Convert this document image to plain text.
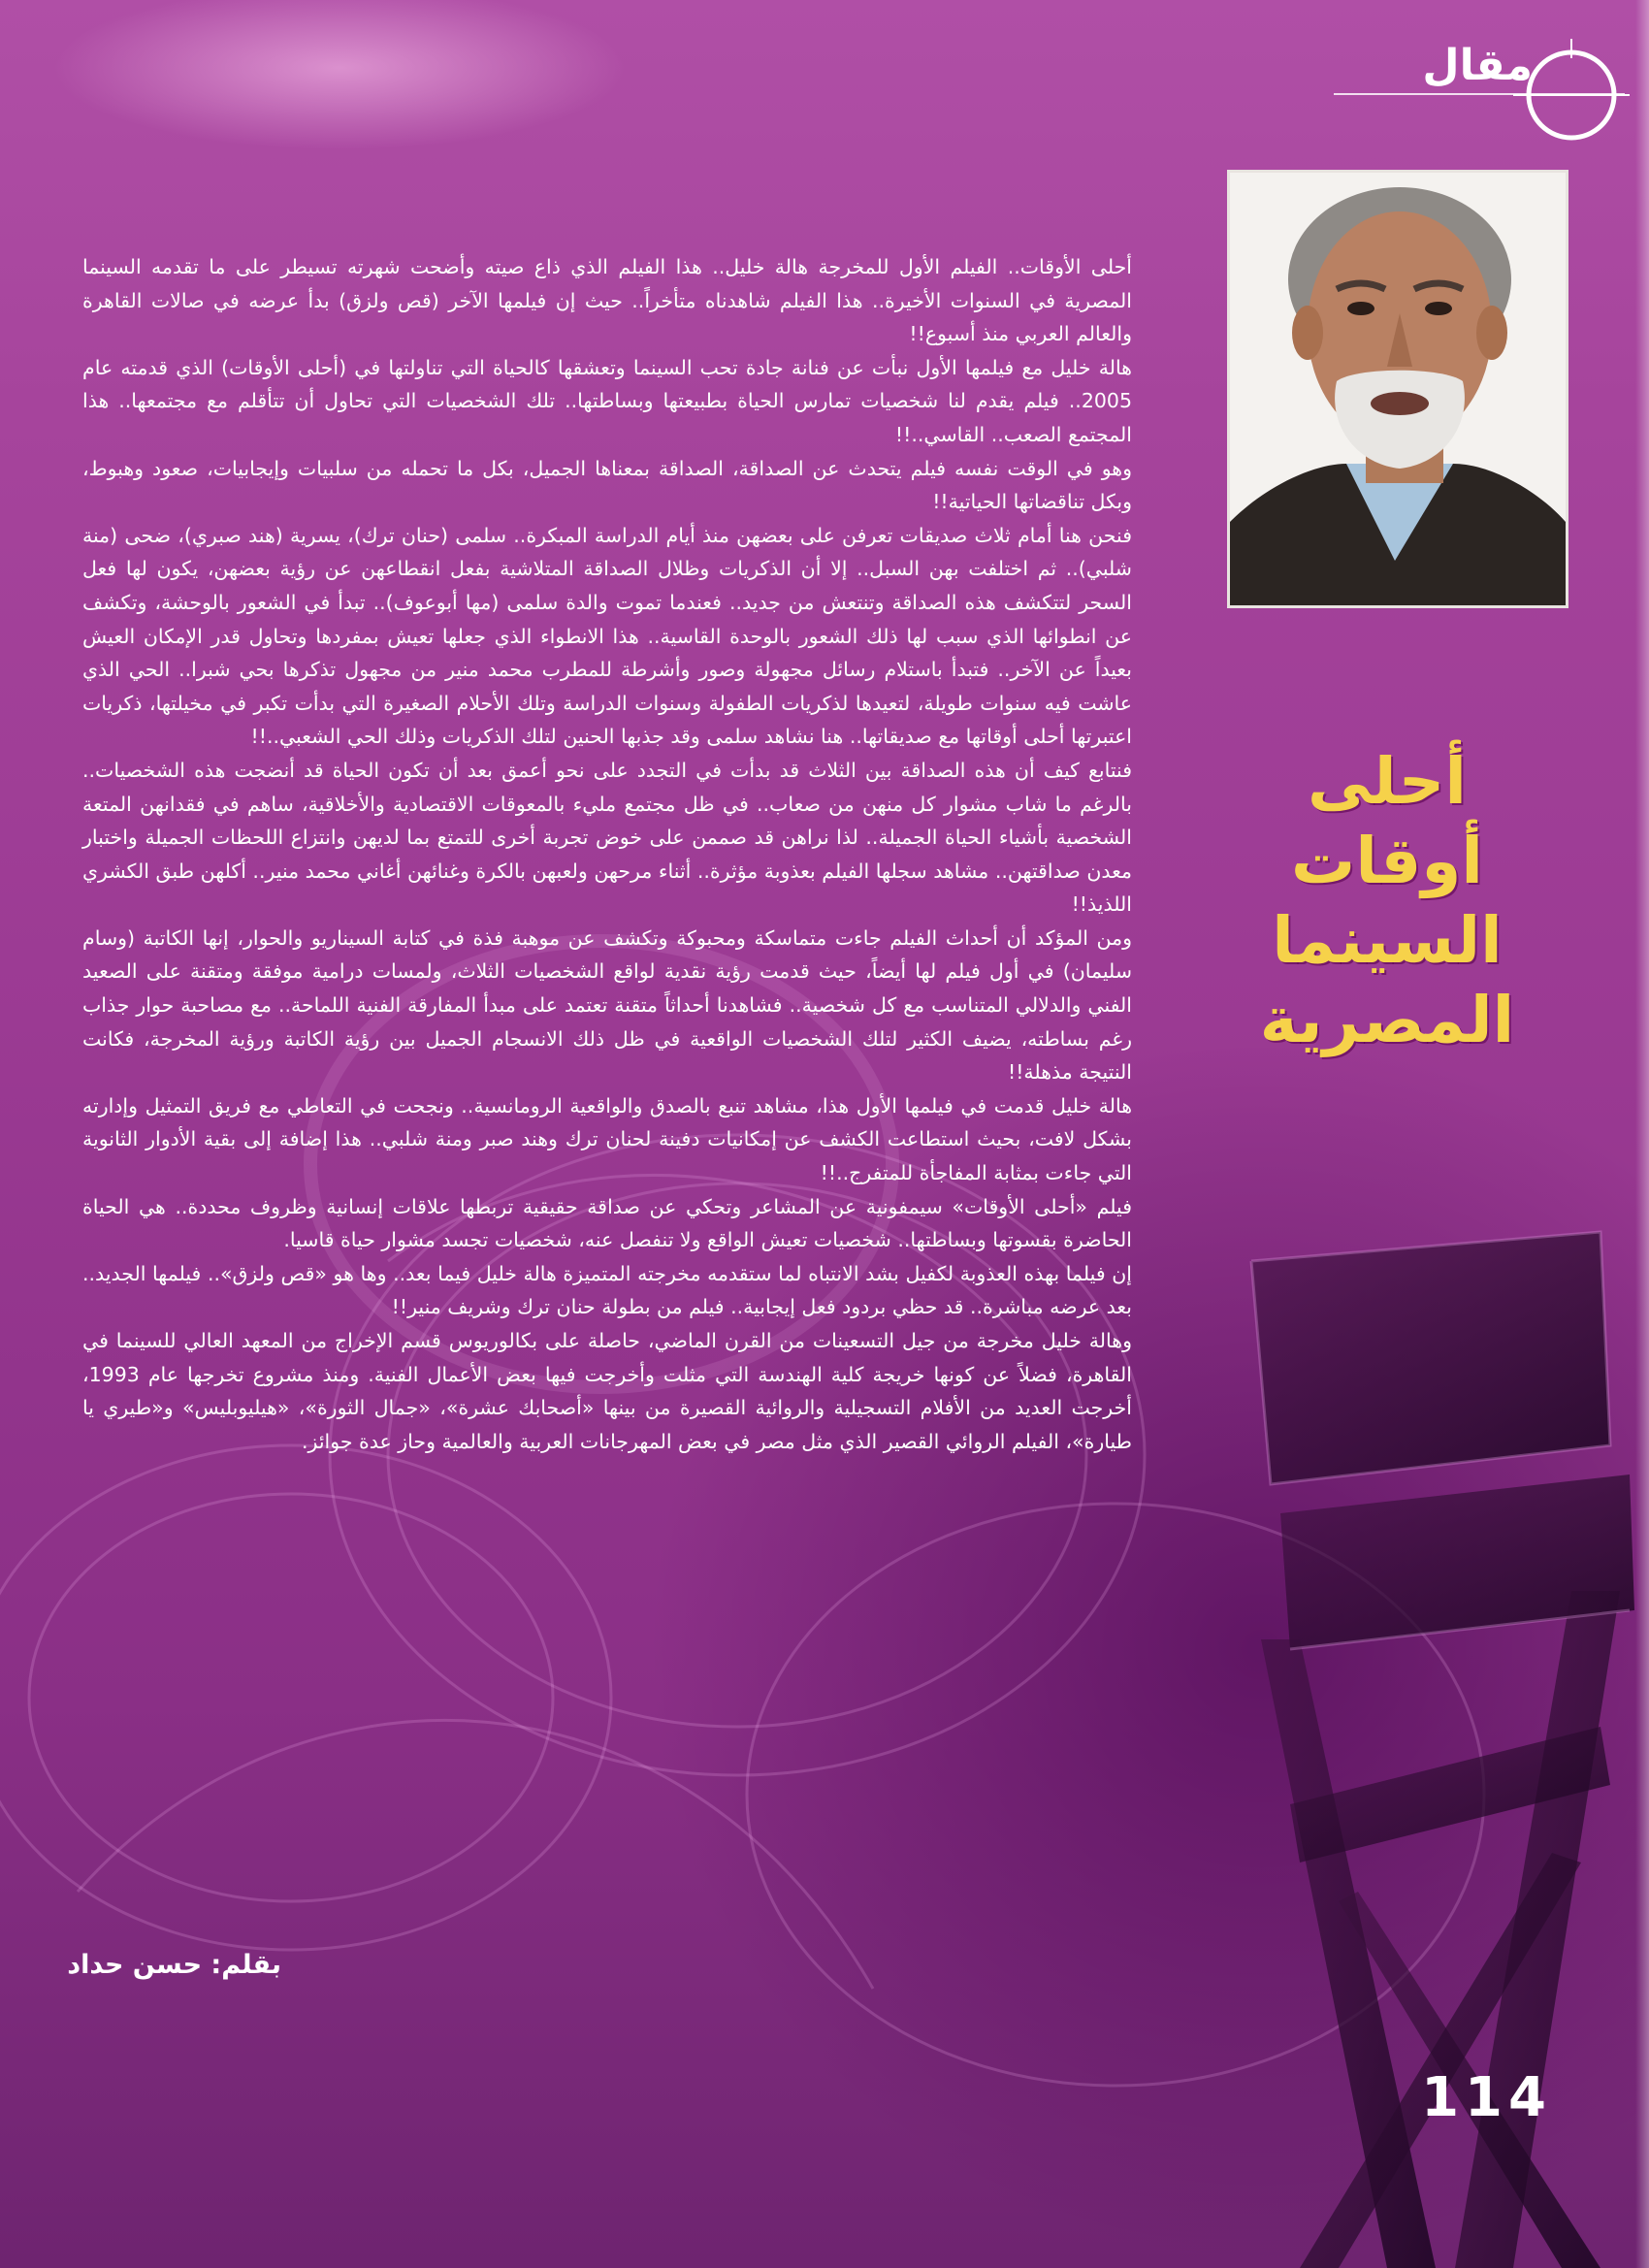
مقال
أحلى أوقات
السينما
المصرية

أحلى الأوقات.. الفيلم الأول للمخرجة هالة خليل.. هذا الفيلم الذي ذاع صيته وأضحت شهرته تسيطر على ما تقدمه السينما المصرية في السنوات الأخيرة.. هذا الفيلم شاهدناه متأخراً.. حيث إن فيلمها الآخر (قص ولزق) بدأ عرضه في صالات القاهرة والعالم العربي منذ أسبوع!!

هالة خليل مع فيلمها الأول نبأت عن فنانة جادة تحب السينما وتعشقها كالحياة التي تناولتها في (أحلى الأوقات) الذي قدمته عام 2005.. فيلم يقدم لنا شخصيات تمارس الحياة بطبيعتها وبساطتها.. تلك الشخصيات التي تحاول أن تتأقلم مع مجتمعها.. هذا المجتمع الصعب.. القاسي..!!

وهو في الوقت نفسه فيلم يتحدث عن الصداقة، الصداقة بمعناها الجميل، بكل ما تحمله من سلبيات وإيجابيات، صعود وهبوط، وبكل تناقضاتها الحياتية!!

فنحن هنا أمام ثلاث صديقات تعرفن على بعضهن منذ أيام الدراسة المبكرة.. سلمى (حنان ترك)، يسرية (هند صبري)، ضحى (منة شلبي).. ثم اختلفت بهن السبل.. إلا أن الذكريات وظلال الصداقة المتلاشية بفعل انقطاعهن عن رؤية بعضهن، يكون لها فعل السحر لتتكشف هذه الصداقة وتنتعش من جديد.. فعندما تموت والدة سلمى (مها أبوعوف).. تبدأ في الشعور بالوحشة، وتكشف عن انطوائها الذي سبب لها ذلك الشعور بالوحدة القاسية.. هذا الانطواء الذي جعلها تعيش بمفردها وتحاول قدر الإمكان العيش بعيداً عن الآخر.. فتبدأ باستلام رسائل مجهولة وصور وأشرطة للمطرب محمد منير من مجهول تذكرها بحي شبرا.. الحي الذي عاشت فيه سنوات طويلة، لتعيدها لذكريات الطفولة وسنوات الدراسة وتلك الأحلام الصغيرة التي بدأت تكبر في مخيلتها، ذكريات اعتبرتها أحلى أوقاتها مع صديقاتها.. هنا نشاهد سلمى وقد جذبها الحنين لتلك الذكريات وذلك الحي الشعبي..!!

فنتابع كيف أن هذه الصداقة بين الثلاث قد بدأت في التجدد على نحو أعمق بعد أن تكون الحياة قد أنضجت هذه الشخصيات.. بالرغم ما شاب مشوار كل منهن من صعاب.. في ظل مجتمع مليء بالمعوقات الاقتصادية والأخلاقية، ساهم في فقدانهن المتعة الشخصية بأشياء الحياة الجميلة.. لذا نراهن قد صممن على خوض تجربة أخرى للتمتع بما لديهن وانتزاع اللحظات الجميلة واختبار معدن صداقتهن.. مشاهد سجلها الفيلم بعذوبة مؤثرة.. أثناء مرحهن ولعبهن بالكرة وغنائهن أغاني محمد منير.. أكلهن طبق الكشري اللذيذ!!

ومن المؤكد أن أحداث الفيلم جاءت متماسكة ومحبوكة وتكشف عن موهبة فذة في كتابة السيناريو والحوار، إنها الكاتبة (وسام سليمان) في أول فيلم لها أيضاً، حيث قدمت رؤية نقدية لواقع الشخصيات الثلاث، ولمسات درامية موفقة ومتقنة على الصعيد الفني والدلالي المتناسب مع كل شخصية.. فشاهدنا أحداثاً متقنة تعتمد على مبدأ المفارقة الفنية اللماحة.. مع مصاحبة حوار جذاب رغم بساطته، يضيف الكثير لتلك الشخصيات الواقعية في ظل ذلك الانسجام الجميل بين رؤية الكاتبة ورؤية المخرجة، فكانت النتيجة مذهلة!!

هالة خليل قدمت في فيلمها الأول هذا، مشاهد تنبع بالصدق والواقعية الرومانسية.. ونجحت في التعاطي مع فريق التمثيل وإدارته بشكل لافت، بحيث استطاعت الكشف عن إمكانيات دفينة لحنان ترك وهند صبر ومنة شلبي.. هذا إضافة إلى بقية الأدوار الثانوية التي جاءت بمثابة المفاجأة للمتفرج..!!

فيلم «أحلى الأوقات» سيمفونية عن المشاعر وتحكي عن صداقة حقيقية تربطها علاقات إنسانية وظروف محددة.. هي الحياة الحاضرة بقسوتها وبساطتها.. شخصيات تعيش الواقع ولا تنفصل عنه، شخصيات تجسد مشوار حياة قاسيا.

إن فيلما بهذه العذوبة لكفيل بشد الانتباه لما ستقدمه مخرجته المتميزة هالة خليل فيما بعد.. وها هو «قص ولزق».. فيلمها الجديد.. بعد عرضه مباشرة.. قد حظي بردود فعل إيجابية.. فيلم من بطولة حنان ترك وشريف منير!!

وهالة خليل مخرجة من جيل التسعينات من القرن الماضي، حاصلة على بكالوريوس قسم الإخراج من المعهد العالي للسينما في القاهرة، فضلاً عن كونها خريجة كلية الهندسة التي مثلت وأخرجت فيها بعض الأعمال الفنية. ومنذ مشروع تخرجها عام 1993، أخرجت العديد من الأفلام التسجيلية والروائية القصيرة من بينها «أصحابك عشرة»، «جمال الثورة»، «هيليوبليس» و«طيري يا طيارة»، الفيلم الروائي القصير الذي مثل مصر في بعض المهرجانات العربية والعالمية وحاز عدة جوائز.

بقلم: حسن حداد
114
